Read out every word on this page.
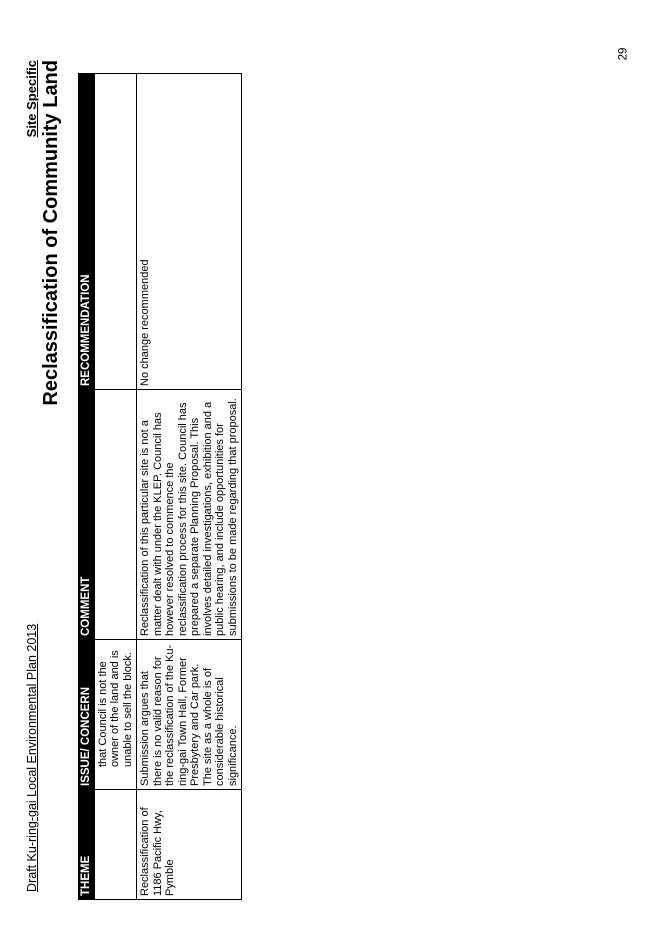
Draft Ku-ring-gai Local Environmental Plan 2013
Site Specific Reclassification of Community Land
THEME	ISSUE/ CONCERN	COMMENT	RECOMMENDATION
	that Council is not the owner of the land and is unable to sell the block.		
Reclassification of 1186 Pacific Hwy, Pymble	Submission argues that there is no valid reason for the reclassification of the Ku-ring-gai Town Hall, Former Presbytery and Car park. The site as a whole is of considerable historical significance.	Reclassification of this particular site is not a matter dealt with under the KLEP. Council has however resolved to commence the reclassification process for this site. Council has prepared a separate Planning Proposal. This involves detailed investigations, exhibition and a public hearing, and include opportunities for submissions to be made regarding that proposal.	No change recommended
29
